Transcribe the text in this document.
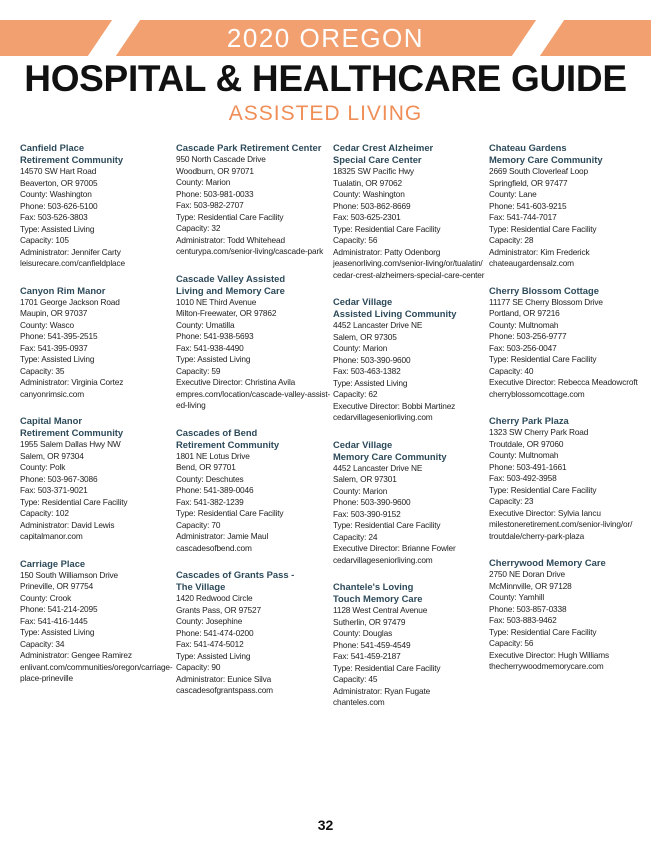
2020 OREGON
HOSPITAL & HEALTHCARE GUIDE
ASSISTED LIVING
Canfield Place
Retirement Community
14570 SW Hart Road
Beaverton, OR 97005
County: Washington
Phone: 503-626-5100
Fax: 503-526-3803
Type: Assisted Living
Capacity: 105
Administrator: Jennifer Carty
leisurecare.com/canfieldplace
Canyon Rim Manor
1701 George Jackson Road
Maupin, OR 97037
County: Wasco
Phone: 541-395-2515
Fax: 541-395-0937
Type: Assisted Living
Capacity: 35
Administrator: Virginia Cortez
canyonrimsic.com
Capital Manor
Retirement Community
1955 Salem Dallas Hwy NW
Salem, OR 97304
County: Polk
Phone: 503-967-3086
Fax: 503-371-9021
Type: Residential Care Facility
Capacity: 102
Administrator: David Lewis
capitalmanor.com
Carriage Place
150 South Williamson Drive
Prineville, OR 97754
County: Crook
Phone: 541-214-2095
Fax: 541-416-1445
Type: Assisted Living
Capacity: 34
Administrator: Gengee Ramirez
enlivant.com/communities/oregon/carriage-
place-prineville
Cascade Park Retirement Center
950 North Cascade Drive
Woodburn, OR 97071
County: Marion
Phone: 503-981-0033
Fax: 503-982-2707
Type: Residential Care Facility
Capacity: 32
Administrator: Todd Whitehead
centurypa.com/senior-living/cascade-park
Cascade Valley Assisted
Living and Memory Care
1010 NE Third Avenue
Milton-Freewater, OR 97862
County: Umatilla
Phone: 541-938-5693
Fax: 541-938-4490
Type: Assisted Living
Capacity: 59
Executive Director: Christina Avila
empres.com/location/cascade-valley-assist-
ed-living
Cascades of Bend
Retirement Community
1801 NE Lotus Drive
Bend, OR 97701
County: Deschutes
Phone: 541-389-0046
Fax: 541-382-1239
Type: Residential Care Facility
Capacity: 70
Administrator: Jamie Maul
cascadesofbend.com
Cascades of Grants Pass -
The Village
1420 Redwood Circle
Grants Pass, OR 97527
County: Josephine
Phone: 541-474-0200
Fax: 541-474-5012
Type: Assisted Living
Capacity: 90
Administrator: Eunice Silva
cascadesofgrantspass.com
Cedar Crest Alzheimer
Special Care Center
18325 SW Pacific Hwy
Tualatin, OR 97062
County: Washington
Phone: 503-862-8669
Fax: 503-625-2301
Type: Residential Care Facility
Capacity: 56
Administrator: Patty Odenborg
jeasenorliving.com/senior-living/or/tualatin/
cedar-crest-alzheimers-special-care-center
Cedar Village
Assisted Living Community
4452 Lancaster Drive NE
Salem, OR 97305
County: Marion
Phone: 503-390-9600
Fax: 503-463-1382
Type: Assisted Living
Capacity: 62
Executive Director: Bobbi Martinez
cedarvillageseniorliving.com
Cedar Village
Memory Care Community
4452 Lancaster Drive NE
Salem, OR 97301
County: Marion
Phone: 503-390-9600
Fax: 503-390-9152
Type: Residential Care Facility
Capacity: 24
Executive Director: Brianne Fowler
cedarvillageseniorliving.com
Chantele's Loving
Touch Memory Care
1128 West Central Avenue
Sutherlin, OR 97479
County: Douglas
Phone: 541-459-4549
Fax: 541-459-2187
Type: Residential Care Facility
Capacity: 45
Administrator: Ryan Fugate
chanteles.com
Chateau Gardens
Memory Care Community
2669 South Cloverleaf Loop
Springfield, OR 97477
County: Lane
Phone: 541-603-9215
Fax: 541-744-7017
Type: Residential Care Facility
Capacity: 28
Administrator: Kim Frederick
chateaugardensalz.com
Cherry Blossom Cottage
11177 SE Cherry Blossom Drive
Portland, OR 97216
County: Multnomah
Phone: 503-256-9777
Fax: 503-256-0047
Type: Residential Care Facility
Capacity: 40
Executive Director: Rebecca Meadowcroft
cherryblossomcottage.com
Cherry Park Plaza
1323 SW Cherry Park Road
Troutdale, OR 97060
County: Multnomah
Phone: 503-491-1661
Fax: 503-492-3958
Type: Residential Care Facility
Capacity: 23
Executive Director: Sylvia Iancu
milestoneretirement.com/senior-living/or/
troutdale/cherry-park-plaza
Cherrywood Memory Care
2750 NE Doran Drive
McMinnville, OR 97128
County: Yamhill
Phone: 503-857-0338
Fax: 503-883-9462
Type: Residential Care Facility
Capacity: 56
Executive Director: Hugh Williams
thecherrywoodmemorycare.com
32
